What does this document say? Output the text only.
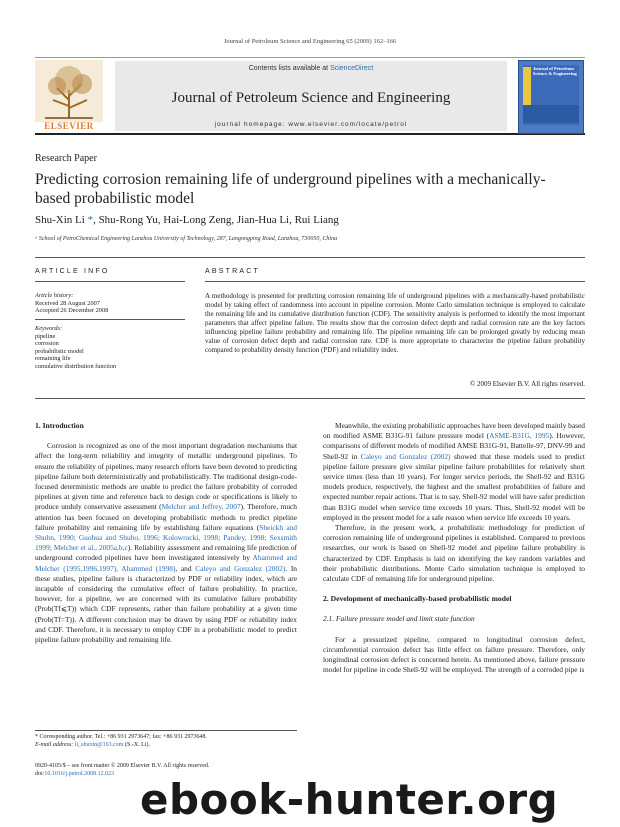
Journal of Petroleum Science and Engineering 65 (2009) 162–166
ELSEVIER
Contents lists available at ScienceDirect
Journal of Petroleum Science and Engineering
journal homepage: www.elsevier.com/locate/petrol
Journal of Petroleum Science & Engineering
Research Paper
Predicting corrosion remaining life of underground pipelines with a mechanically-based probabilistic model
Shu-Xin Li *, Shu-Rong Yu, Hai-Long Zeng, Jian-Hua Li, Rui Liang
ᵃ School of PetroChemical Engineering Lanzhou University of Technology, 287, Langongping Road, Lanzhou, 730050, China
ARTICLE INFO	ABSTRACT
Article history:
Received 28 August 2007
Accepted 26 December 2008
Keywords:
pipeline
corrosion
probabilistic model
remaining life
cumulative distribution function
A methodology is presented for predicting corrosion remaining life of underground pipelines with a mechanically-based probabilistic model by taking effect of randomness into account in pipeline corrosion. Monte Carlo simulation technique is employed to calculate the remaining life and its cumulative distribution function (CDF). The sensitivity analysis is performed to identify the most important parameters that affect pipeline failure. The results show that the corrosion defect depth and radial corrosion rate are the key factors influencing pipeline failure probability and remaining life. The pipeline remaining life can be prolonged greatly by reducing mean value of corrosion defect depth and radial corrosion rate. CDF is more appropriate to characterize the pipeline failure probability compared to probability density function (PDF) and reliability index.
© 2009 Elsevier B.V. All rights reserved.
1. Introduction

Corrosion is recognized as one of the most important degradation mechanisms that affect the long-term reliability and integrity of metallic underground pipelines. To ensure the reliability of pipelines, many research efforts have been devoted to predicting pipeline failure both deterministically and probabilistically. The traditional design-code-focused deterministic methods are unable to predict the failure probability of corroded pipelines at given time and reference back to design code or specifications is likely to produce unduly conservative assessment (Melcher and Jeffrey, 2007). Therefore, much attention has been focused on developing probabilistic methods to predict pipeline failure probability and remaining life by establishing failure equations (Sheickh and Shuhn, 1990; Guohua and Shuho, 1996; Kolowrocki, 1998; Pandey, 1998; Sexsmith 1999; Melcher et al., 2005a,b,c). Reliability assessment and remaining life prediction of underground corroded pipelines have been investigated intensively by Ahammed and Melcher (1995,1996,1997), Ahammed (1998), and Caleyo and Gonzalez (2002). In these studies, pipeline failure is characterized by PDF or reliability index, which are incapable of considering the cumulative effect of failure probability. In practice, however, for a pipeline, we are concerned with its cumulative failure probability (Prob(Tf⩽T)) which CDF represents, rather than failure probability at a given time (Prob(Tf=T)). A different conclusion may be drawn by using PDF or reliability index and CDF. Therefore, it is necessary to employ CDF in a probabilistic model to predict pipeline failure probability and remaining life.

Meanwhile, the existing probabilistic approaches have been developed mainly based on modified ASME B31G-91 failure pressure model (ASME-B31G, 1995). However, comparisons of different models of modified AMSE B31G-91, Battelle-97, DNV-99 and Shell-92 in Caleyo and Gonzalez (2002) showed that these models used to predict pipeline failure pressure give similar pipeline failure probabilities for relatively short service times (less than 10 years). For longer service periods, the Shell-92 and B31G models produce, respectively, the highest and the smallest probabilities of failure and expected number repair actions. That is to say, Shell-92 model will have safer prediction than B31G model when service time exceeds 10 years. Thus, Shell-92 model will be employed in the present model for a safe reason when service life exceeds 10 years.

Therefore, in the present work, a probabilistic methodology for prediction of corrosion remaining life of underground pipelines is established. Compared to previous researches, our work is based on Shell-92 model and pipeline failure probability is characterized by CDF. Emphasis is laid on identifying the key random variables and their probabilistic distributions. Monte Carlo simulation technique is employed to calculate CDF of remaining life for underground pipeline.

2. Development of mechanically-based probabilistic model
2.1. Failure pressure model and limit state function

For a pressurized pipeline, compared to longitudinal corrosion defect, circumferential corrosion defect has little effect on failure pressure. Therefore, only longitudinal corrosion defect is concerned herein. As mentioned above, failure pressure model for pipeline in code Shell-92 will be employed. The strength of a corroded pipe is

* Corresponding author. Tel.: +86 931 2973647; fax: +86 931 2973648.
E-mail address: li_shuxin@163.com (S.-X. Li).
0920-4105/$ – see front matter © 2009 Elsevier B.V. All rights reserved.
doi:10.1016/j.petrol.2008.12.023
ebook-hunter.org
